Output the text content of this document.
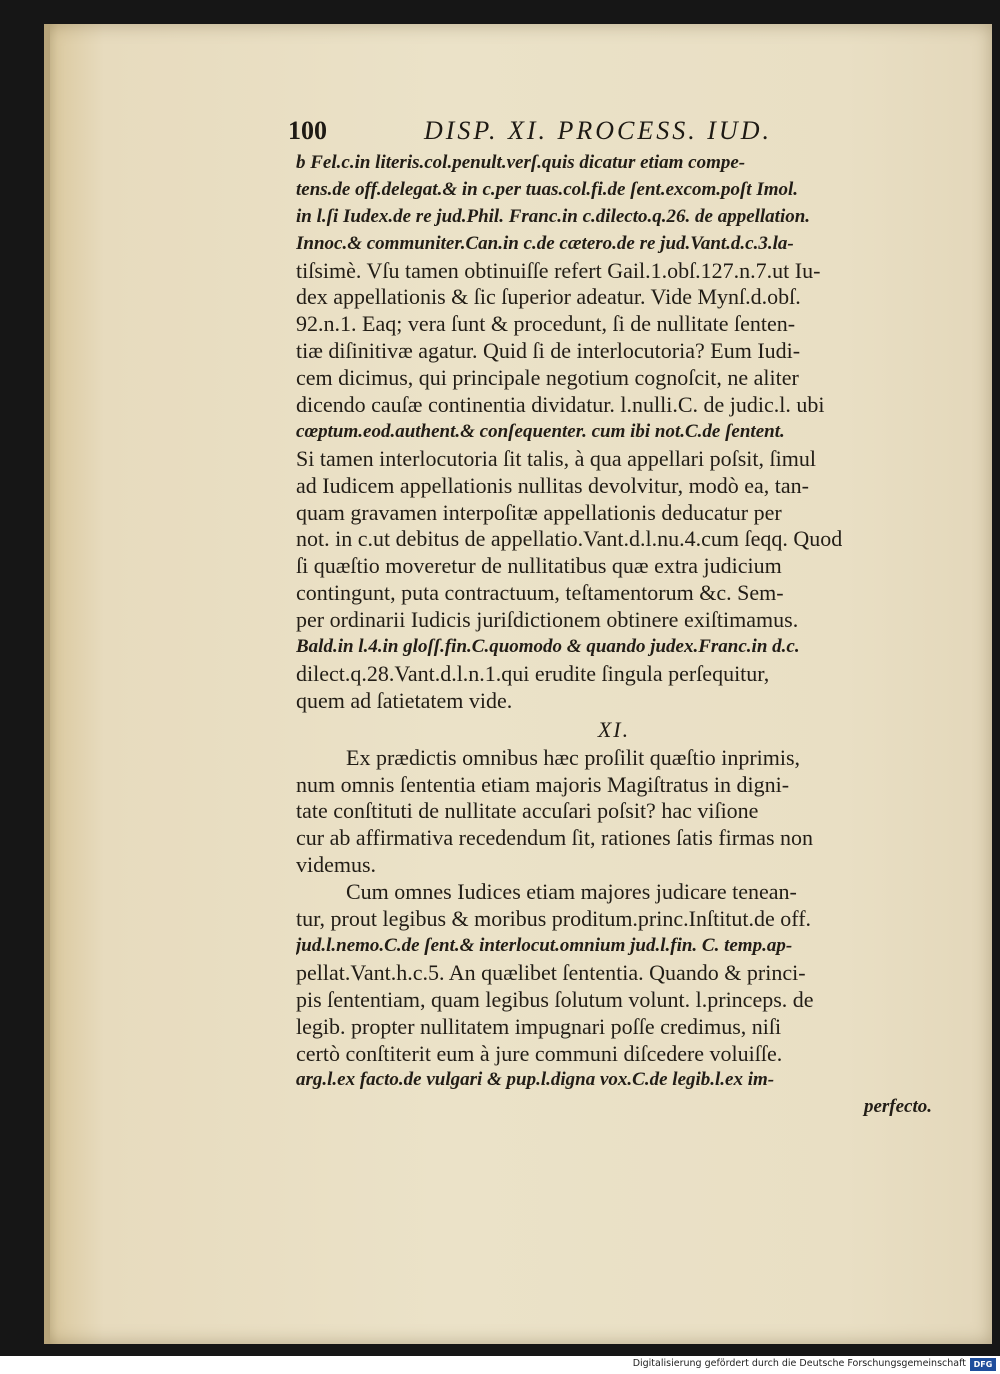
100	DISP. XI. PROCESS. IUD.
b Fel.c.in literis.col.penult.verſ.quis dicatur etiam compe-
tens.de off.delegat.& in c.per tuas.col.fi.de ſent.excom.poſt Imol.
in l.ſi Iudex.de re jud.Phil. Franc.in c.dilecto.q.26. de appellation.
Innoc.& communiter.Can.in c.de cætero.de re jud.Vant.d.c.3.la-
tiſsimè. Vſu tamen obtinuiſſe refert Gail.1.obſ.127.n.7.ut Iu-
dex appellationis & ſic ſuperior adeatur. Vide Mynſ.d.obſ.
92.n.1. Eaq; vera ſunt & procedunt, ſi de nullitate ſenten-
tiæ diſinitivæ agatur. Quid ſi de interlocutoria? Eum Iudi-
cem dicimus, qui principale negotium cognoſcit, ne aliter
dicendo cauſæ continentia dividatur. l.nulli.C. de judic.l. ubi
cœptum.eod.authent.& conſequenter. cum ibi not.C.de ſentent.
Si tamen interlocutoria ſit talis, à qua appellari poſsit, ſimul
ad Iudicem appellationis nullitas devolvitur, modò ea, tan-
quam gravamen interpoſitæ appellationis deducatur per
not. in c.ut debitus de appellatio.Vant.d.l.nu.4.cum ſeqq. Quod
ſi quæſtio moveretur de nullitatibus quæ extra judicium
contingunt, puta contractuum, teſtamentorum &c. Sem-
per ordinarii Iudicis juriſdictionem obtinere exiſtimamus.
Bald.in l.4.in gloſſ.fin.C.quomodo & quando judex.Franc.in d.c.
dilect.q.28.Vant.d.l.n.1.qui erudite ſingula perſequitur,
quem ad ſatietatem vide.
XI.
Ex prædictis omnibus hæc proſilit quæſtio inprimis,
num omnis ſententia etiam majoris Magiſtratus in digni-
tate conſtituti de nullitate accuſari poſsit? hac viſione
cur ab affirmativa recedendum ſit, rationes ſatis firmas non
videmus.
Cum omnes Iudices etiam majores judicare tenean-
tur, prout legibus & moribus proditum.princ.Inſtitut.de off.
jud.l.nemo.C.de ſent.& interlocut.omnium jud.l.fin. C. temp.ap-
pellat.Vant.h.c.5. An quælibet ſententia. Quando & princi-
pis ſententiam, quam legibus ſolutum volunt. l.princeps. de
legib. propter nullitatem impugnari poſſe credimus, niſi
certò conſtiterit eum à jure communi diſcedere voluiſſe.
arg.l.ex facto.de vulgari & pup.l.digna vox.C.de legib.l.ex im-
perfecto.
Digitalisierung gefördert durch die Deutsche Forschungsgemeinschaft DFG
